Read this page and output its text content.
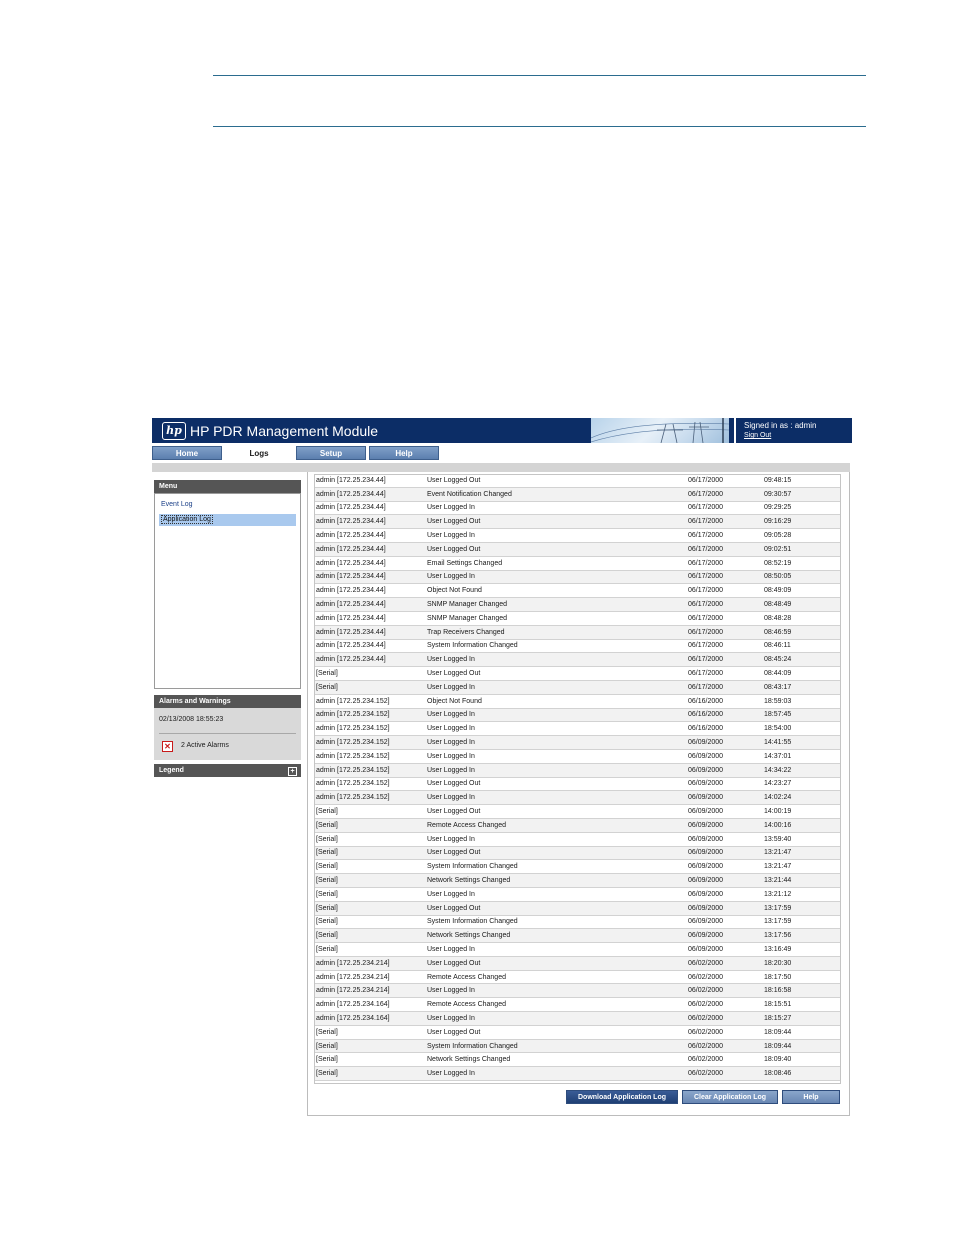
hp HP PDR Management Module	Signed in as : admin
Sign Out
Home	Logs	Setup	Help
Menu
Event Log
Application Log
Alarms and Warnings
02/13/2008 18:55:23
✕	2 Active Alarms
Legend	+
admin [172.25.234.44]	User Logged Out	06/17/2000	09:48:15
admin [172.25.234.44]	Event Notification Changed	06/17/2000	09:30:57
admin [172.25.234.44]	User Logged In	06/17/2000	09:29:25
admin [172.25.234.44]	User Logged Out	06/17/2000	09:16:29
admin [172.25.234.44]	User Logged In	06/17/2000	09:05:28
admin [172.25.234.44]	User Logged Out	06/17/2000	09:02:51
admin [172.25.234.44]	Email Settings Changed	06/17/2000	08:52:19
admin [172.25.234.44]	User Logged In	06/17/2000	08:50:05
admin [172.25.234.44]	Object Not Found	06/17/2000	08:49:09
admin [172.25.234.44]	SNMP Manager Changed	06/17/2000	08:48:49
admin [172.25.234.44]	SNMP Manager Changed	06/17/2000	08:48:28
admin [172.25.234.44]	Trap Receivers Changed	06/17/2000	08:46:59
admin [172.25.234.44]	System Information Changed	06/17/2000	08:46:11
admin [172.25.234.44]	User Logged In	06/17/2000	08:45:24
[Serial]	User Logged Out	06/17/2000	08:44:09
[Serial]	User Logged In	06/17/2000	08:43:17
admin [172.25.234.152]	Object Not Found	06/16/2000	18:59:03
admin [172.25.234.152]	User Logged In	06/16/2000	18:57:45
admin [172.25.234.152]	User Logged In	06/16/2000	18:54:00
admin [172.25.234.152]	User Logged In	06/09/2000	14:41:55
admin [172.25.234.152]	User Logged In	06/09/2000	14:37:01
admin [172.25.234.152]	User Logged In	06/09/2000	14:34:22
admin [172.25.234.152]	User Logged Out	06/09/2000	14:23:27
admin [172.25.234.152]	User Logged In	06/09/2000	14:02:24
[Serial]	User Logged Out	06/09/2000	14:00:19
[Serial]	Remote Access Changed	06/09/2000	14:00:16
[Serial]	User Logged In	06/09/2000	13:59:40
[Serial]	User Logged Out	06/09/2000	13:21:47
[Serial]	System Information Changed	06/09/2000	13:21:47
[Serial]	Network Settings Changed	06/09/2000	13:21:44
[Serial]	User Logged In	06/09/2000	13:21:12
[Serial]	User Logged Out	06/09/2000	13:17:59
[Serial]	System Information Changed	06/09/2000	13:17:59
[Serial]	Network Settings Changed	06/09/2000	13:17:56
[Serial]	User Logged In	06/09/2000	13:16:49
admin [172.25.234.214]	User Logged Out	06/02/2000	18:20:30
admin [172.25.234.214]	Remote Access Changed	06/02/2000	18:17:50
admin [172.25.234.214]	User Logged In	06/02/2000	18:16:58
admin [172.25.234.164]	Remote Access Changed	06/02/2000	18:15:51
admin [172.25.234.164]	User Logged In	06/02/2000	18:15:27
[Serial]	User Logged Out	06/02/2000	18:09:44
[Serial]	System Information Changed	06/02/2000	18:09:44
[Serial]	Network Settings Changed	06/02/2000	18:09:40
[Serial]	User Logged In	06/02/2000	18:08:46
Download Application Log	Clear Application Log	Help
